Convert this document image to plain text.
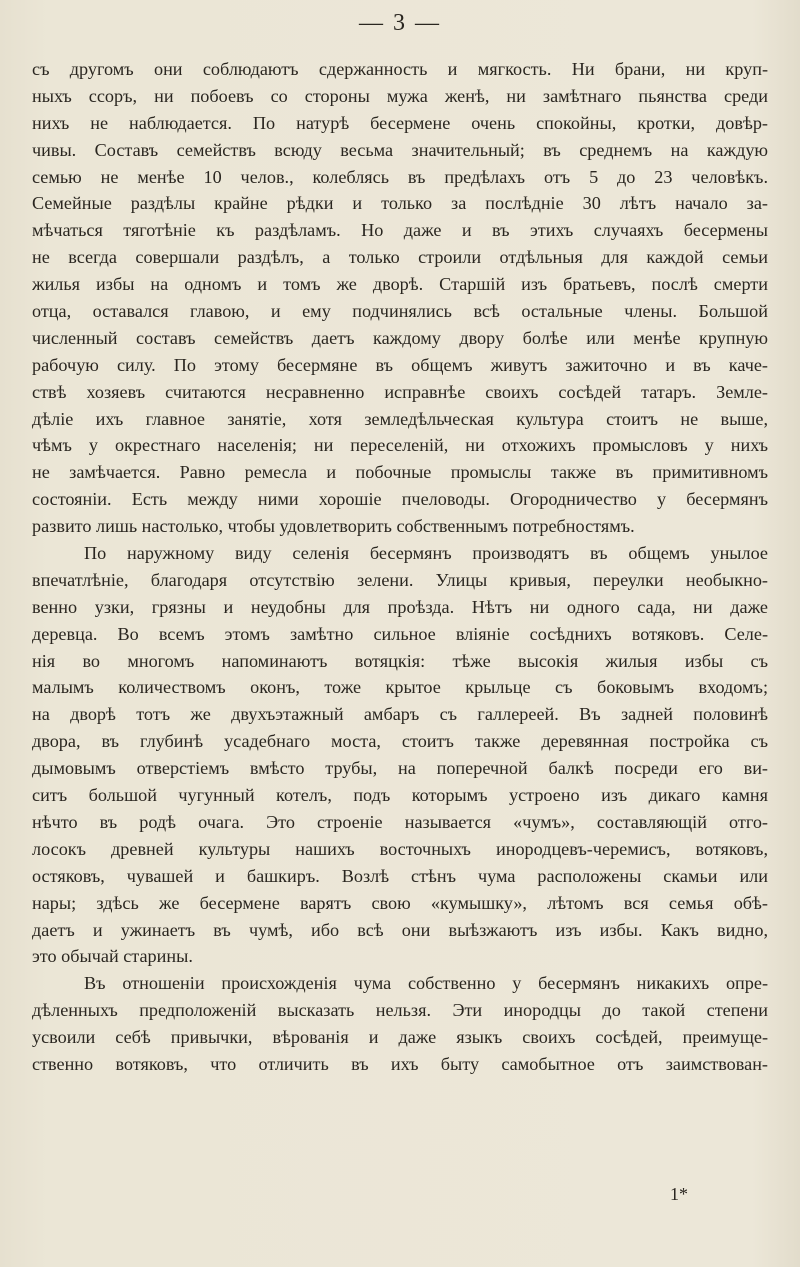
— 3 —
съ другомъ они соблюдаютъ сдержанность и мягкость. Ни брани, ни круп-
ныхъ ссоръ, ни побоевъ со стороны мужа женѣ, ни замѣтнаго пьянства среди
нихъ не наблюдается. По натурѣ бесермене очень спокойны, кротки, довѣр-
чивы. Составъ семействъ всюду весьма значительный; въ среднемъ на каждую
семью не менѣе 10 челов., колеблясь въ предѣлахъ отъ 5 до 23 человѣкъ.
Семейные раздѣлы крайне рѣдки и только за послѣдніе 30 лѣтъ начало за-
мѣчаться тяготѣніе къ раздѣламъ. Но даже и въ этихъ случаяхъ бесермены
не всегда совершали раздѣлъ, а только строили отдѣльныя для каждой семьи
жилья избы на одномъ и томъ же дворѣ. Старшій изъ братьевъ, послѣ смерти
отца, оставался главою, и ему подчинялись всѣ остальные члены. Большой
численный составъ семействъ даетъ каждому двору болѣе или менѣе крупную
рабочую силу. По этому бесермяне въ общемъ живутъ зажиточно и въ каче-
ствѣ хозяевъ считаются несравненно исправнѣе своихъ сосѣдей татаръ. Земле-
дѣліе ихъ главное занятіе, хотя земледѣльческая культура стоитъ не выше,
чѣмъ у окрестнаго населенія; ни переселеній, ни отхожихъ промысловъ у нихъ
не замѣчается. Равно ремесла и побочные промыслы также въ примитивномъ
состояніи. Есть между ними хорошіе пчеловоды. Огородничество у бесермянъ
развито лишь настолько, чтобы удовлетворить собственнымъ потребностямъ.
По наружному виду селенія бесермянъ производятъ въ общемъ унылое
впечатлѣніе, благодаря отсутствію зелени. Улицы кривыя, переулки необыкно-
венно узки, грязны и неудобны для проѣзда. Нѣтъ ни одного сада, ни даже
деревца. Во всемъ этомъ замѣтно сильное вліяніе сосѣднихъ вотяковъ. Селе-
нія во многомъ напоминаютъ вотяцкія: тѣже высокія жилыя избы съ
малымъ количествомъ оконъ, тоже крытое крыльце съ боковымъ входомъ;
на дворѣ тотъ же двухъэтажный амбаръ съ галлереей. Въ задней половинѣ
двора, въ глубинѣ усадебнаго моста, стоитъ также деревянная постройка съ
дымовымъ отверстіемъ вмѣсто трубы, на поперечной балкѣ посреди его ви-
ситъ большой чугунный котелъ, подъ которымъ устроено изъ дикаго камня
нѣчто въ родѣ очага. Это строеніе называется «чумъ», составляющій отго-
лосокъ древней культуры нашихъ восточныхъ инородцевъ-черемисъ, вотяковъ,
остяковъ, чувашей и башкиръ. Возлѣ стѣнъ чума расположены скамьи или
нары; здѣсь же бесермене варятъ свою «кумышку», лѣтомъ вся семья обѣ-
даетъ и ужинаетъ въ чумѣ, ибо всѣ они выѣзжаютъ изъ избы. Какъ видно,
это обычай старины.
Въ отношеніи происхожденія чума собственно у бесермянъ никакихъ опре-
дѣленныхъ предположеній высказать нельзя. Эти инородцы до такой степени
усвоили себѣ привычки, вѣрованія и даже языкъ своихъ сосѣдей, преимуще-
ственно вотяковъ, что отличить въ ихъ быту самобытное отъ заимствован-
1*
